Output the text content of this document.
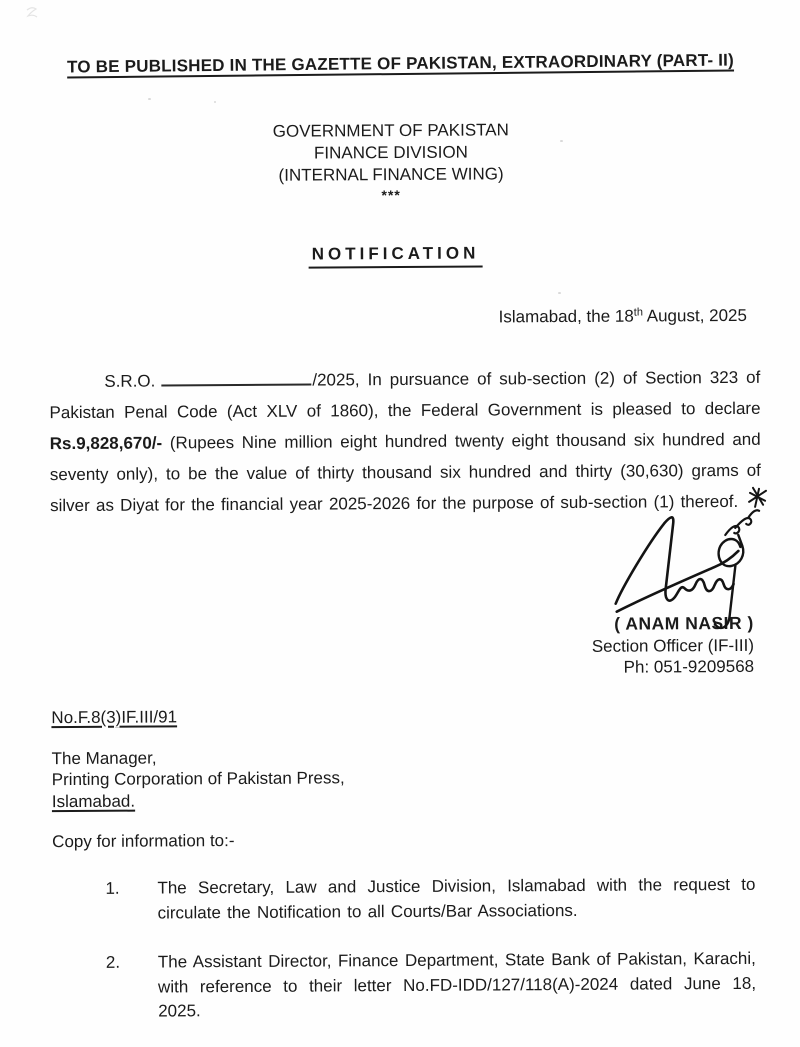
TO BE PUBLISHED IN THE GAZETTE OF PAKISTAN, EXTRAORDINARY (PART- II)
GOVERNMENT OF PAKISTAN
FINANCE DIVISION
(INTERNAL FINANCE WING)
***
NOTIFICATION
Islamabad, the 18th August, 2025

S.R.O.	/2025, In pursuance of sub-section (2) of Section 323 of Pakistan Penal Code (Act XLV of 1860), the Federal Government is pleased to declare Rs.9,828,670/- (Rupees Nine million eight hundred twenty eight thousand six hundred and seventy only), to be the value of thirty thousand six hundred and thirty (30,630) grams of silver as Diyat for the financial year 2025-2026 for the purpose of sub-section (1) thereof.

( ANAM NASIR )
Section Officer (IF-III)
Ph: 051-9209568
No.F.8(3)IF.III/91
The Manager,
Printing Corporation of Pakistan Press,
Islamabad.
Copy for information to:-
1.	The Secretary, Law and Justice Division, Islamabad with the request to circulate the Notification to all Courts/Bar Associations.
2.	The Assistant Director, Finance Department, State Bank of Pakistan, Karachi, with reference to their letter No.FD-IDD/127/118(A)-2024 dated June 18, 2025.
